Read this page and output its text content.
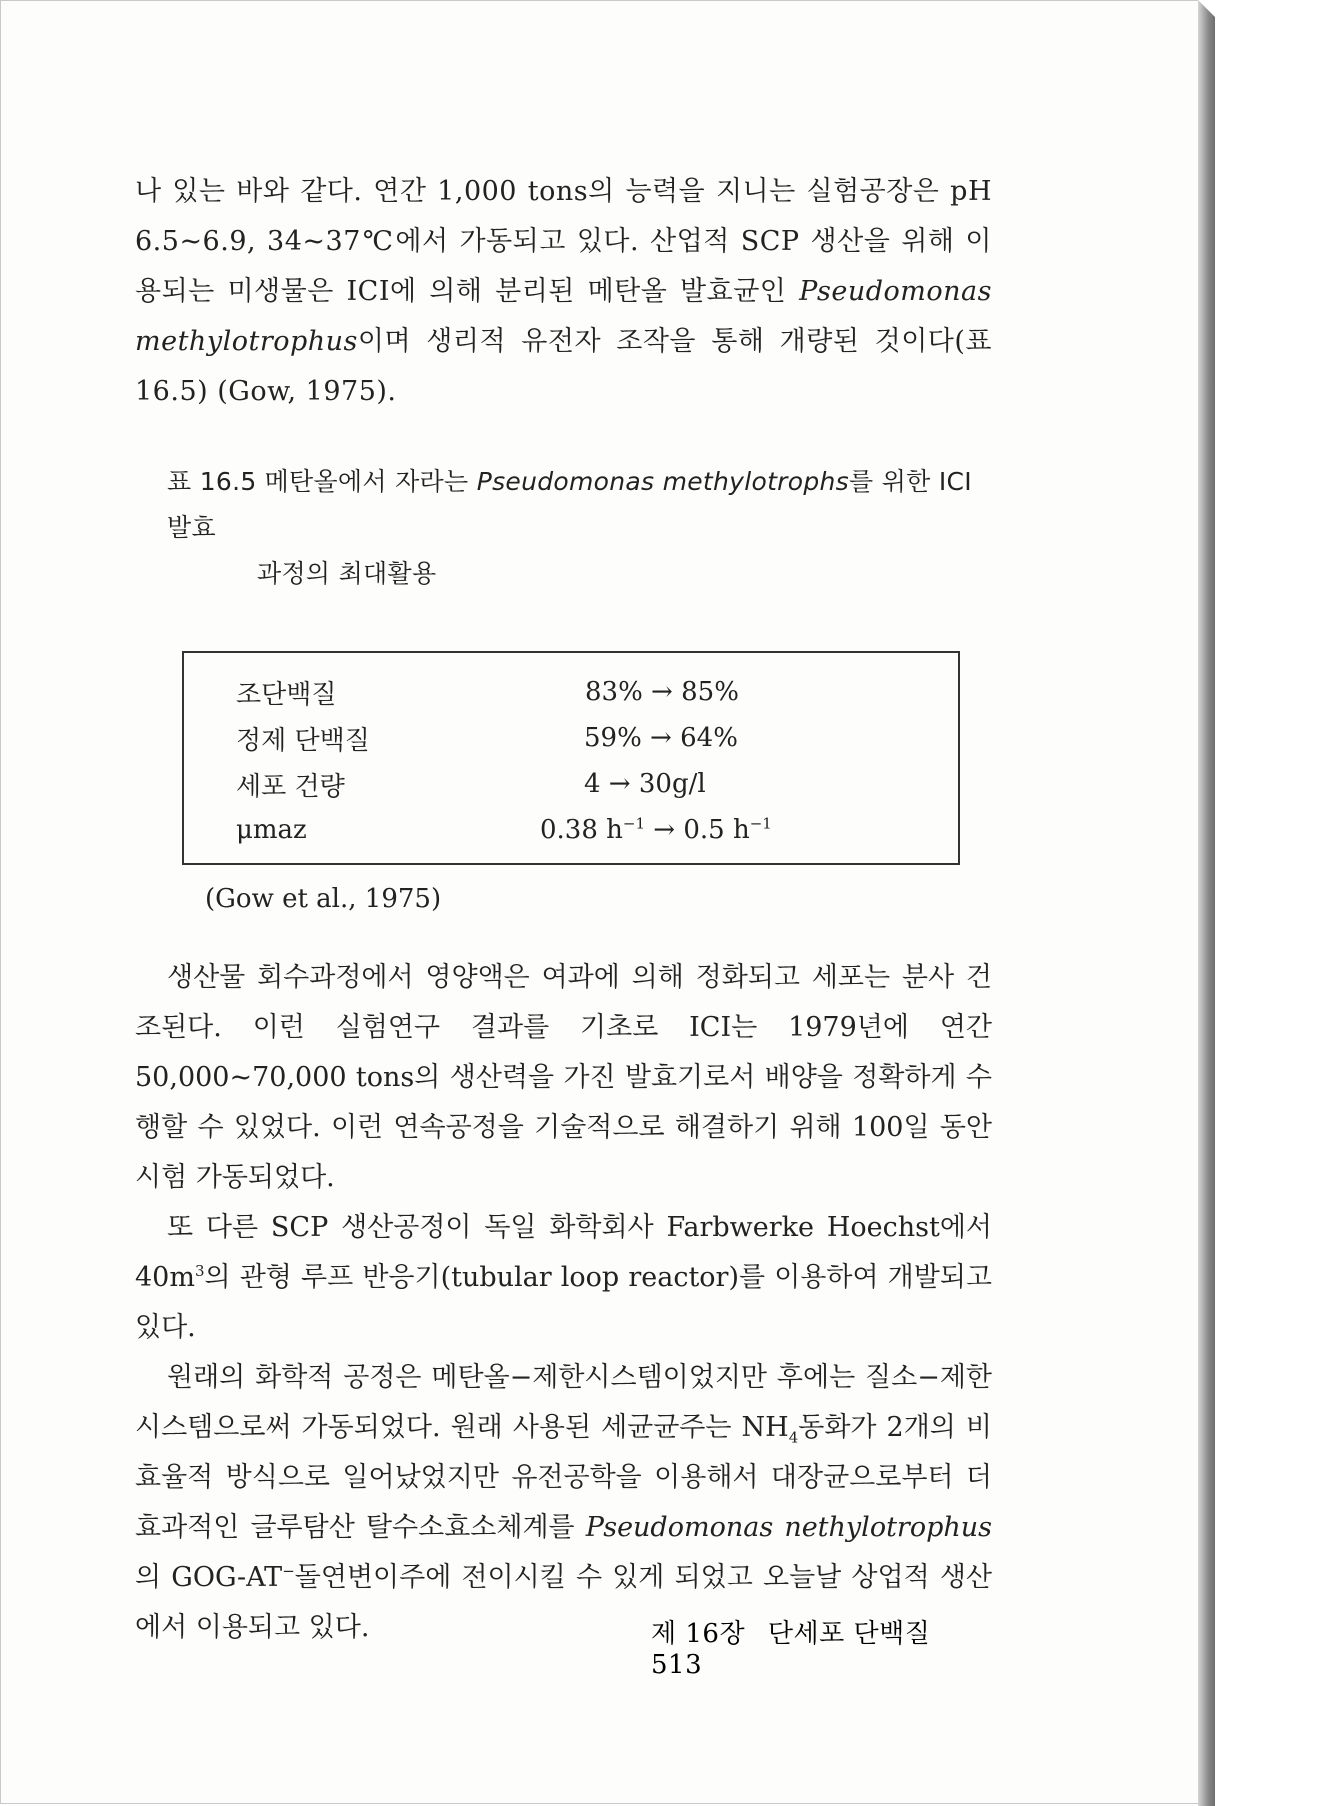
나 있는 바와 같다. 연간 1,000 tons의 능력을 지니는 실험공장은 pH 6.5~6.9, 34~37℃에서 가동되고 있다. 산업적 SCP 생산을 위해 이용되는 미생물은 ICI에 의해 분리된 메탄올 발효균인 Pseudomonas methylotrophus이며 생리적 유전자 조작을 통해 개량된 것이다(표 16.5) (Gow, 1975).

표 16.5 메탄올에서 자라는 Pseudomonas methylotrophs를 위한 ICI 발효
과정의 최대활용
조단백질	83% → 85%
정제 단백질	59% → 64%
세포 건량	4 → 30g/l
μmaz	0.38 $h^{-1} \to 0.5$ $h^{-1}$
(Gow et al., 1975)

생산물 회수과정에서 영양액은 여과에 의해 정화되고 세포는 분사 건조된다. 이런 실험연구 결과를 기초로 ICI는 1979년에 연간 50,000~70,000 tons의 생산력을 가진 발효기로서 배양을 정확하게 수행할 수 있었다. 이런 연속공정을 기술적으로 해결하기 위해 100일 동안 시험 가동되었다.

또 다른 SCP 생산공정이 독일 화학회사 Farbwerke Hoechst에서 $40m^3$의 관형 루프 반응기(tubular loop reactor)를 이용하여 개발되고 있다.

원래의 화학적 공정은 메탄올−제한시스템이었지만 후에는 질소−제한 시스템으로써 가동되었다. 원래 사용된 세균균주는 $NH_4$동화가 2개의 비효율적 방식으로 일어났었지만 유전공학을 이용해서 대장균으로부터 더 효과적인 글루탐산 탈수소효소체계를 Pseudomonas nethylotrophus의 GOG-AT−돌연변이주에 전이시킬 수 있게 되었고 오늘날 상업적 생산에서 이용되고 있다.	제 16장 단세포 단백질 513
